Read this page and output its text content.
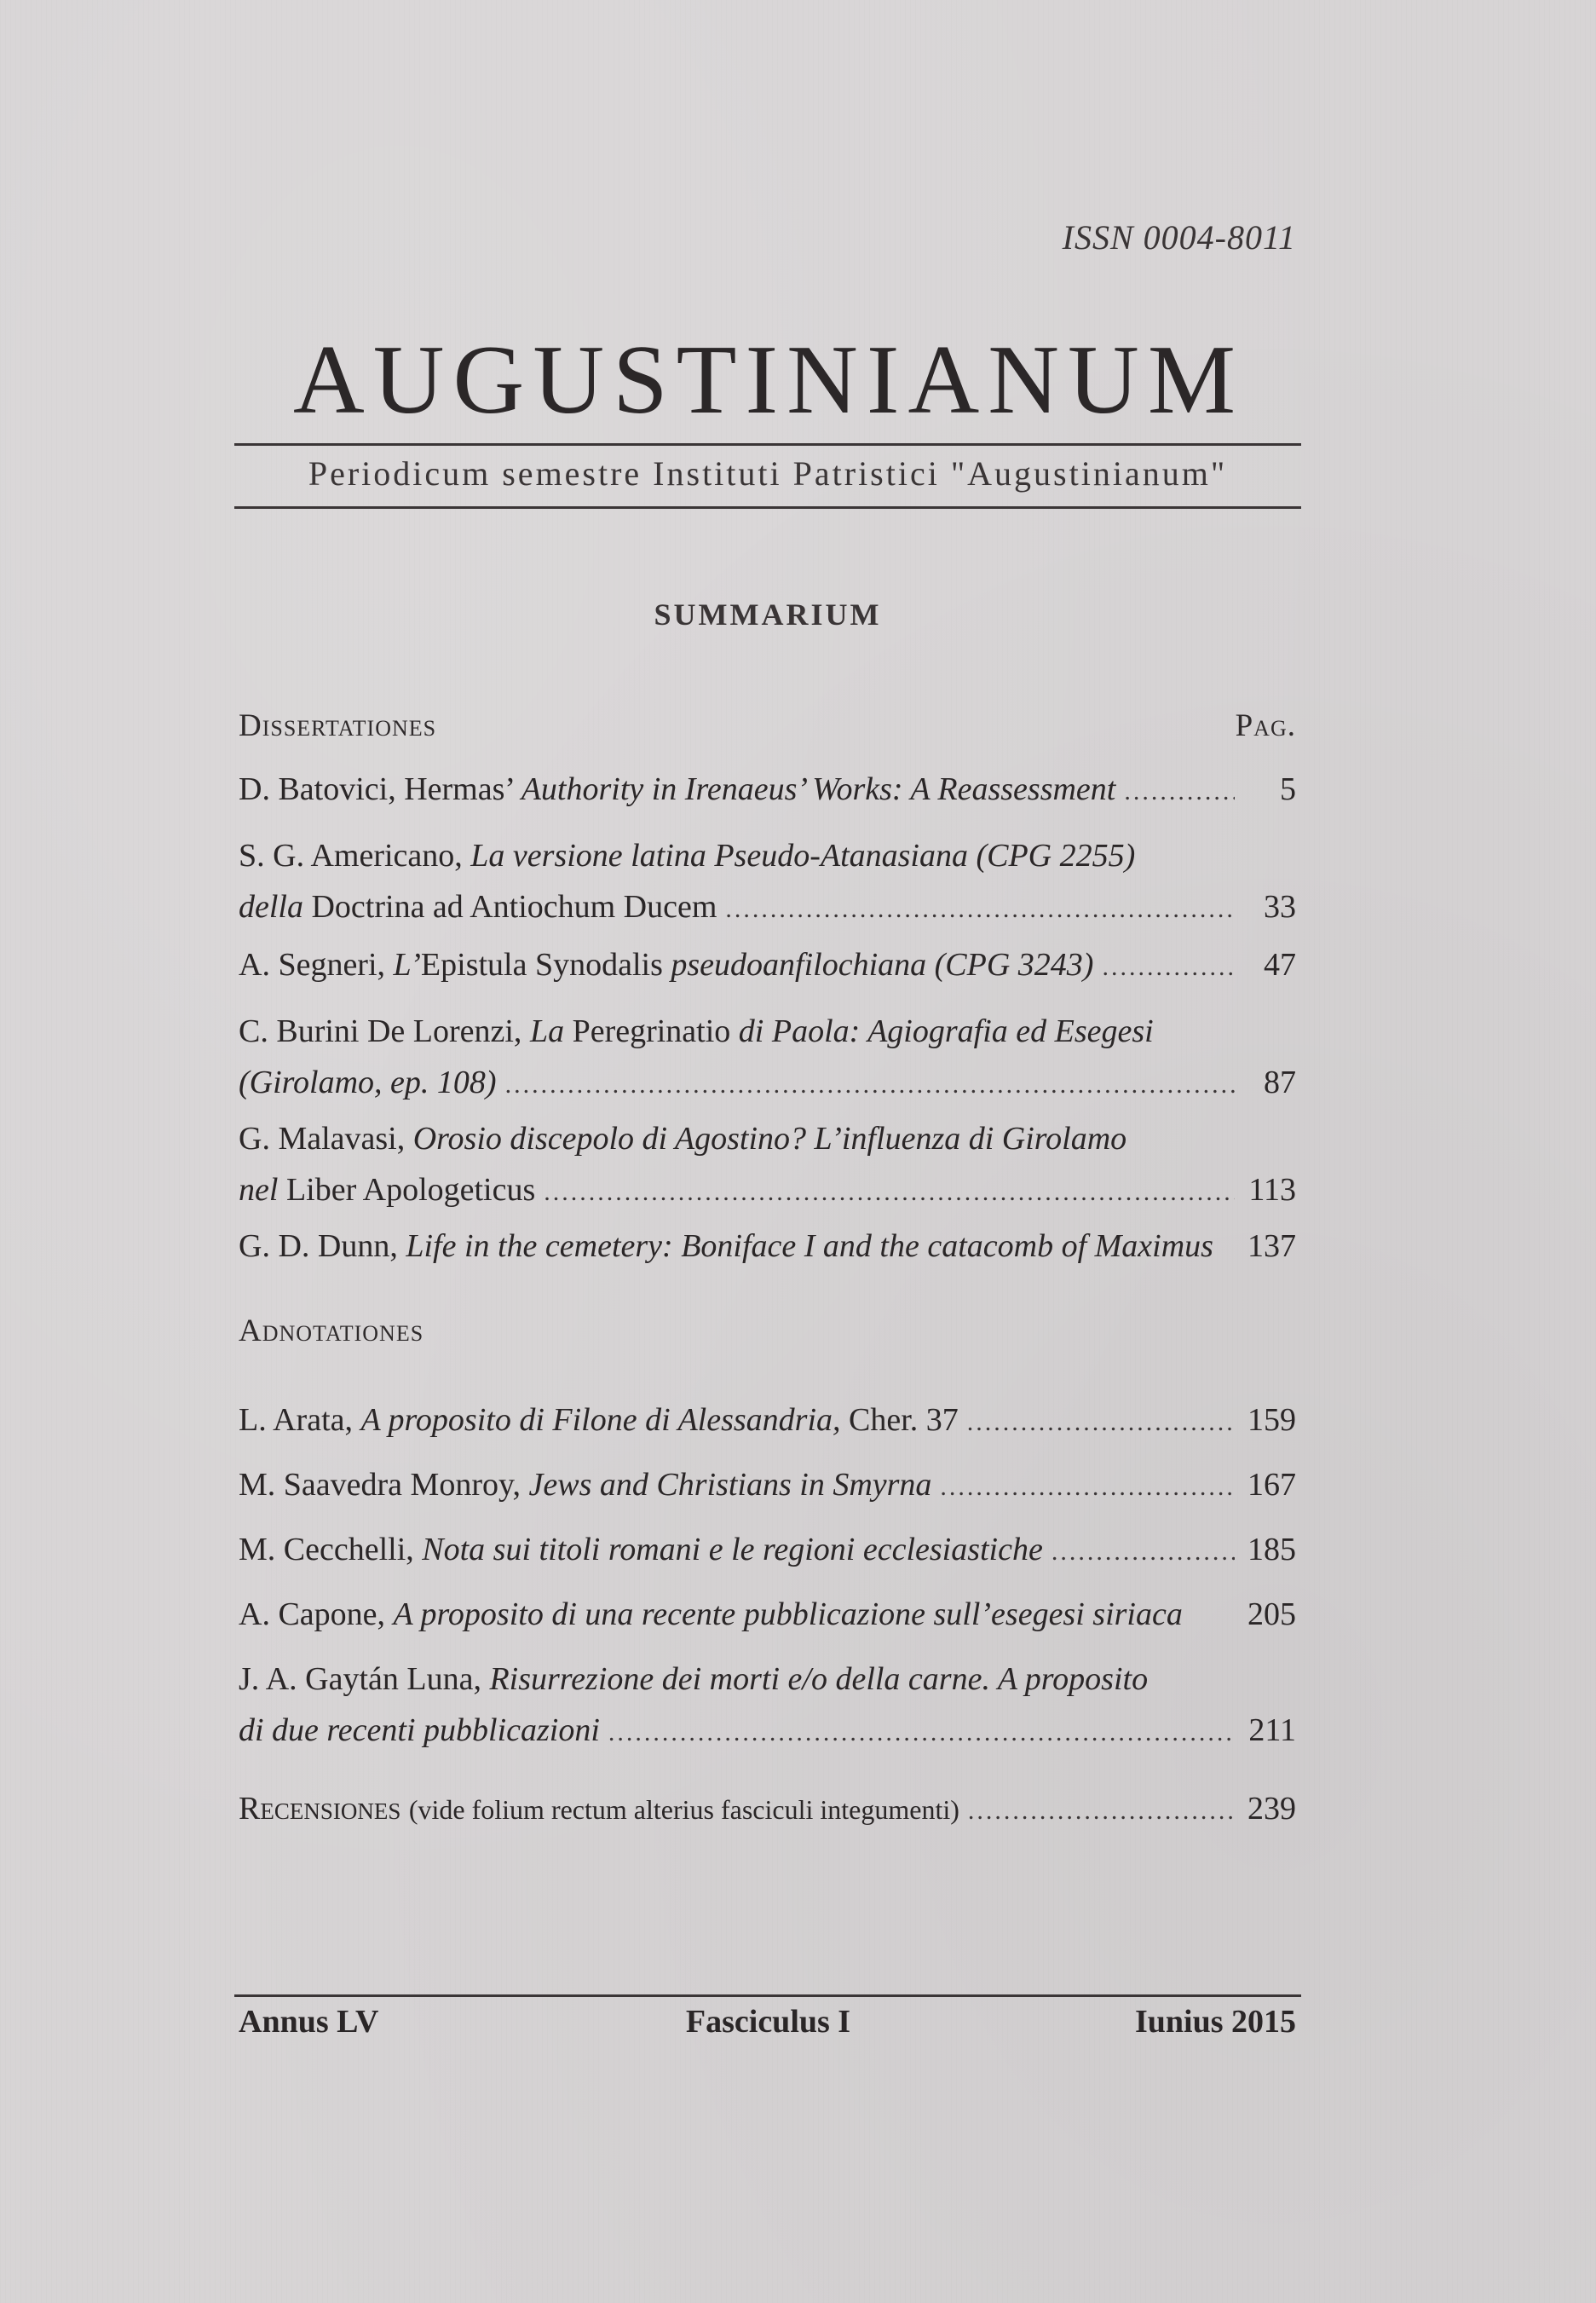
ISSN 0004-8011
AUGUSTINIANUM
Periodicum semestre Instituti Patristici "Augustinianum"
SUMMARIUM
Dissertationes	Pag.
D. Batovici, Hermas’ Authority in Irenaeus’ Works: A Reassessment .....	5
S. G. Americano, La versione latina Pseudo-Atanasiana (CPG 2255)
della Doctrina ad Antiochum Ducem .....	33
A. Segneri, L’Epistula Synodalis pseudoanfilochiana (CPG 3243) .....	47
C. Burini De Lorenzi, La Peregrinatio di Paola: Agiografia ed Esegesi
(Girolamo, ep. 108) .....	87
G. Malavasi, Orosio discepolo di Agostino? L’influenza di Girolamo
nel Liber Apologeticus .....	113
G. D. Dunn, Life in the cemetery: Boniface I and the catacomb of Maximus 137
Adnotationes
L. Arata, A proposito di Filone di Alessandria, Cher. 37 .....	159
M. Saavedra Monroy, Jews and Christians in Smyrna .....	167
M. Cecchelli, Nota sui titoli romani e le regioni ecclesiastiche .....	185
A. Capone, A proposito di una recente pubblicazione sull’esegesi siriaca 205
J. A. Gaytán Luna, Risurrezione dei morti e/o della carne. A proposito
di due recenti pubblicazioni .....	211
Recensiones (vide folium rectum alterius fasciculi integumenti) .....	239
Annus LV	Fasciculus I	Iunius 2015
